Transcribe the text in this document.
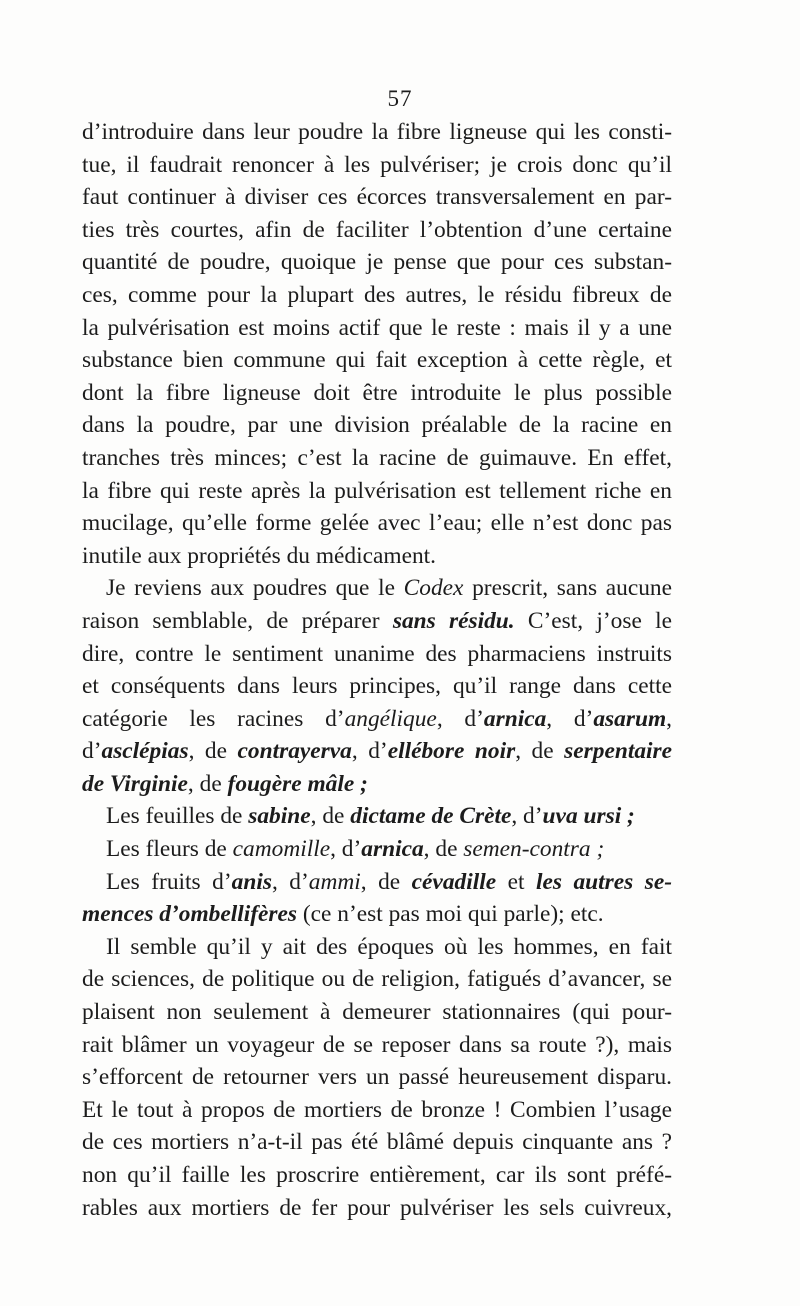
57
d’introduire dans leur poudre la fibre ligneuse qui les consti-
tue, il faudrait renoncer à les pulvériser; je crois donc qu’il
faut continuer à diviser ces écorces transversalement en par-
ties très courtes, afin de faciliter l’obtention d’une certaine
quantité de poudre, quoique je pense que pour ces substan-
ces, comme pour la plupart des autres, le résidu fibreux de
la pulvérisation est moins actif que le reste : mais il y a une
substance bien commune qui fait exception à cette règle, et
dont la fibre ligneuse doit être introduite le plus possible
dans la poudre, par une division préalable de la racine en
tranches très minces; c’est la racine de guimauve. En effet,
la fibre qui reste après la pulvérisation est tellement riche en
mucilage, qu’elle forme gelée avec l’eau; elle n’est donc pas
inutile aux propriétés du médicament.
Je reviens aux poudres que le Codex prescrit, sans aucune
raison semblable, de préparer sans résidu. C’est, j’ose le
dire, contre le sentiment unanime des pharmaciens instruits
et conséquents dans leurs principes, qu’il range dans cette
catégorie les racines d’angélique, d’arnica, d’asarum,
d’asclépias, de contrayerva, d’ellébore noir, de serpentaire
de Virginie, de fougère mâle ;
Les feuilles de sabine, de dictame de Crète, d’uva ursi ;
Les fleurs de camomille, d’arnica, de semen-contra ;
Les fruits d’anis, d’ammi, de cévadille et les autres se-
mences d’ombellifères (ce n’est pas moi qui parle); etc.
Il semble qu’il y ait des époques où les hommes, en fait
de sciences, de politique ou de religion, fatigués d’avancer, se
plaisent non seulement à demeurer stationnaires (qui pour-
rait blâmer un voyageur de se reposer dans sa route ?), mais
s’efforcent de retourner vers un passé heureusement disparu.
Et le tout à propos de mortiers de bronze ! Combien l’usage
de ces mortiers n’a-t-il pas été blâmé depuis cinquante ans ?
non qu’il faille les proscrire entièrement, car ils sont préfé-
rables aux mortiers de fer pour pulvériser les sels cuivreux,
